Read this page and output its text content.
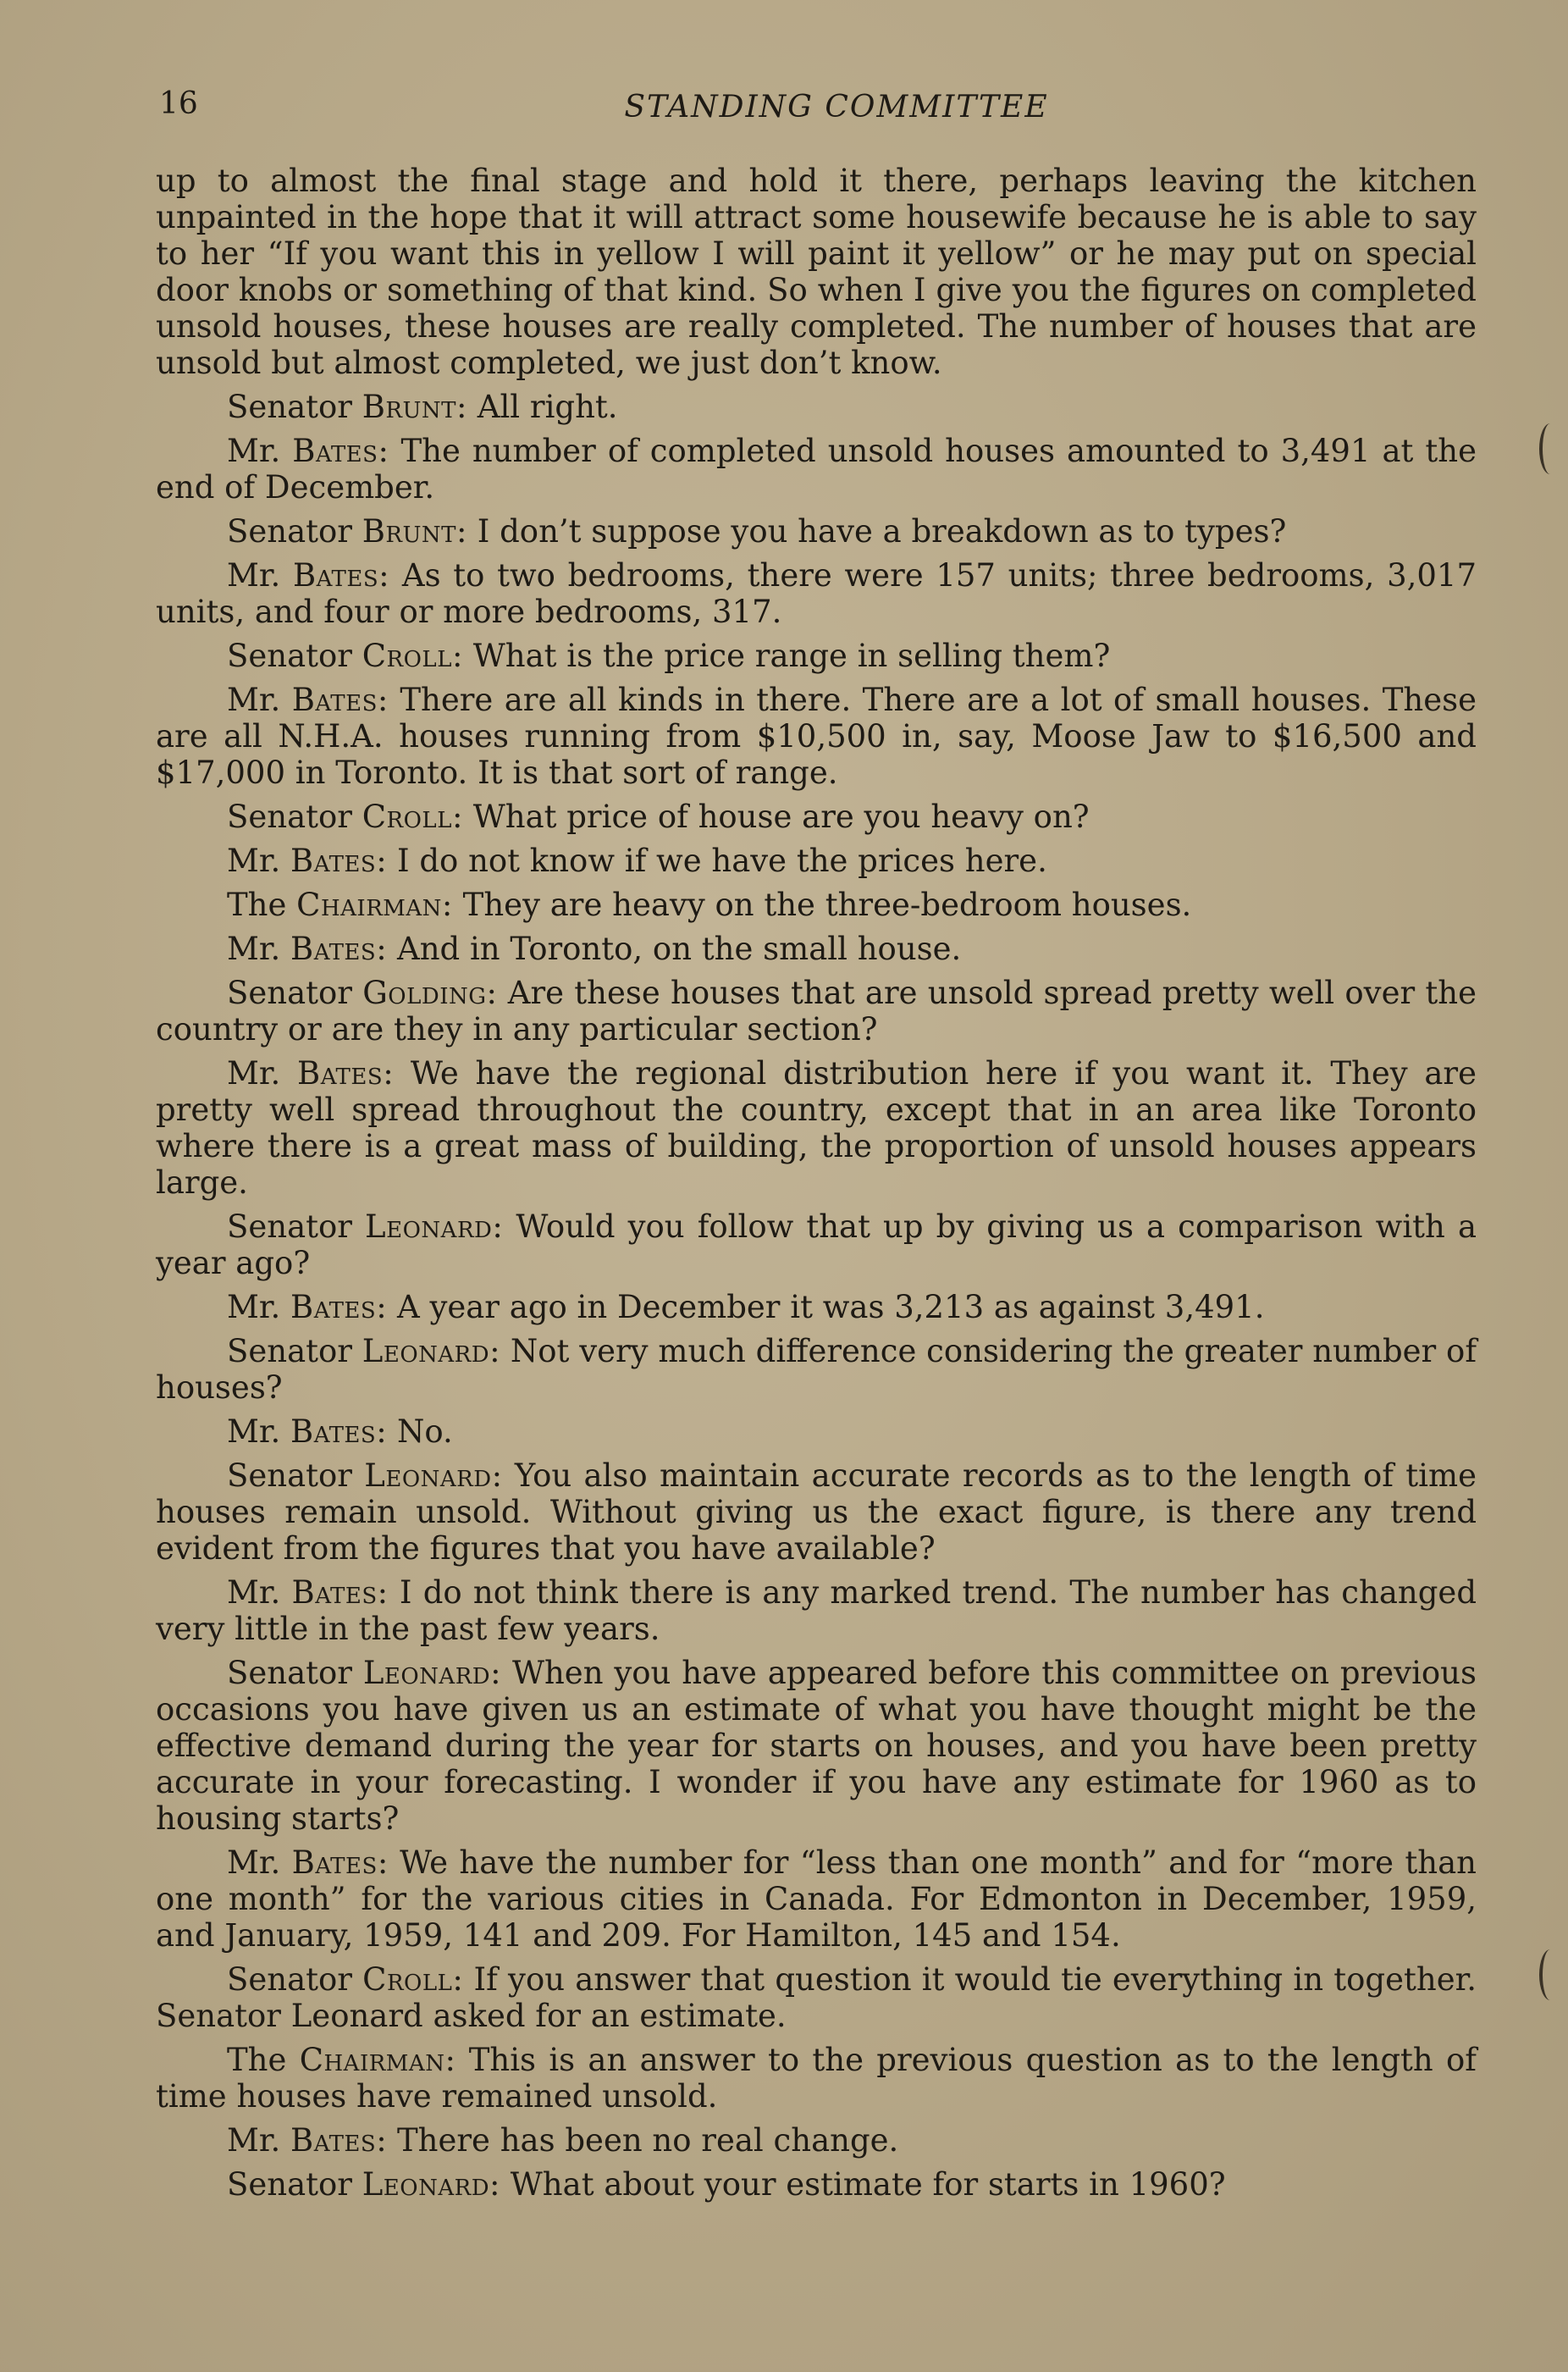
16	STANDING COMMITTEE

up to almost the final stage and hold it there, perhaps leaving the kitchen unpainted in the hope that it will attract some housewife because he is able to say to her “If you want this in yellow I will paint it yellow” or he may put on special door knobs or something of that kind. So when I give you the figures on completed unsold houses, these houses are really completed. The number of houses that are unsold but almost completed, we just don’t know.

Senator Brunt: All right.

Mr. Bates: The number of completed unsold houses amounted to 3,491 at the end of December.

Senator Brunt: I don’t suppose you have a breakdown as to types?

Mr. Bates: As to two bedrooms, there were 157 units; three bedrooms, 3,017 units, and four or more bedrooms, 317.

Senator Croll: What is the price range in selling them?

Mr. Bates: There are all kinds in there. There are a lot of small houses. These are all N.H.A. houses running from $10,500 in, say, Moose Jaw to $16,500 and $17,000 in Toronto. It is that sort of range.

Senator Croll: What price of house are you heavy on?

Mr. Bates: I do not know if we have the prices here.

The Chairman: They are heavy on the three-bedroom houses.

Mr. Bates: And in Toronto, on the small house.

Senator Golding: Are these houses that are unsold spread pretty well over the country or are they in any particular section?

Mr. Bates: We have the regional distribution here if you want it. They are pretty well spread throughout the country, except that in an area like Toronto where there is a great mass of building, the proportion of unsold houses appears large.

Senator Leonard: Would you follow that up by giving us a comparison with a year ago?

Mr. Bates: A year ago in December it was 3,213 as against 3,491.

Senator Leonard: Not very much difference considering the greater number of houses?

Mr. Bates: No.

Senator Leonard: You also maintain accurate records as to the length of time houses remain unsold. Without giving us the exact figure, is there any trend evident from the figures that you have available?

Mr. Bates: I do not think there is any marked trend. The number has changed very little in the past few years.

Senator Leonard: When you have appeared before this committee on previous occasions you have given us an estimate of what you have thought might be the effective demand during the year for starts on houses, and you have been pretty accurate in your forecasting. I wonder if you have any estimate for 1960 as to housing starts?

Mr. Bates: We have the number for “less than one month” and for “more than one month” for the various cities in Canada. For Edmonton in December, 1959, and January, 1959, 141 and 209. For Hamilton, 145 and 154.

Senator Croll: If you answer that question it would tie everything in together. Senator Leonard asked for an estimate.

The Chairman: This is an answer to the previous question as to the length of time houses have remained unsold.

Mr. Bates: There has been no real change.

Senator Leonard: What about your estimate for starts in 1960?
